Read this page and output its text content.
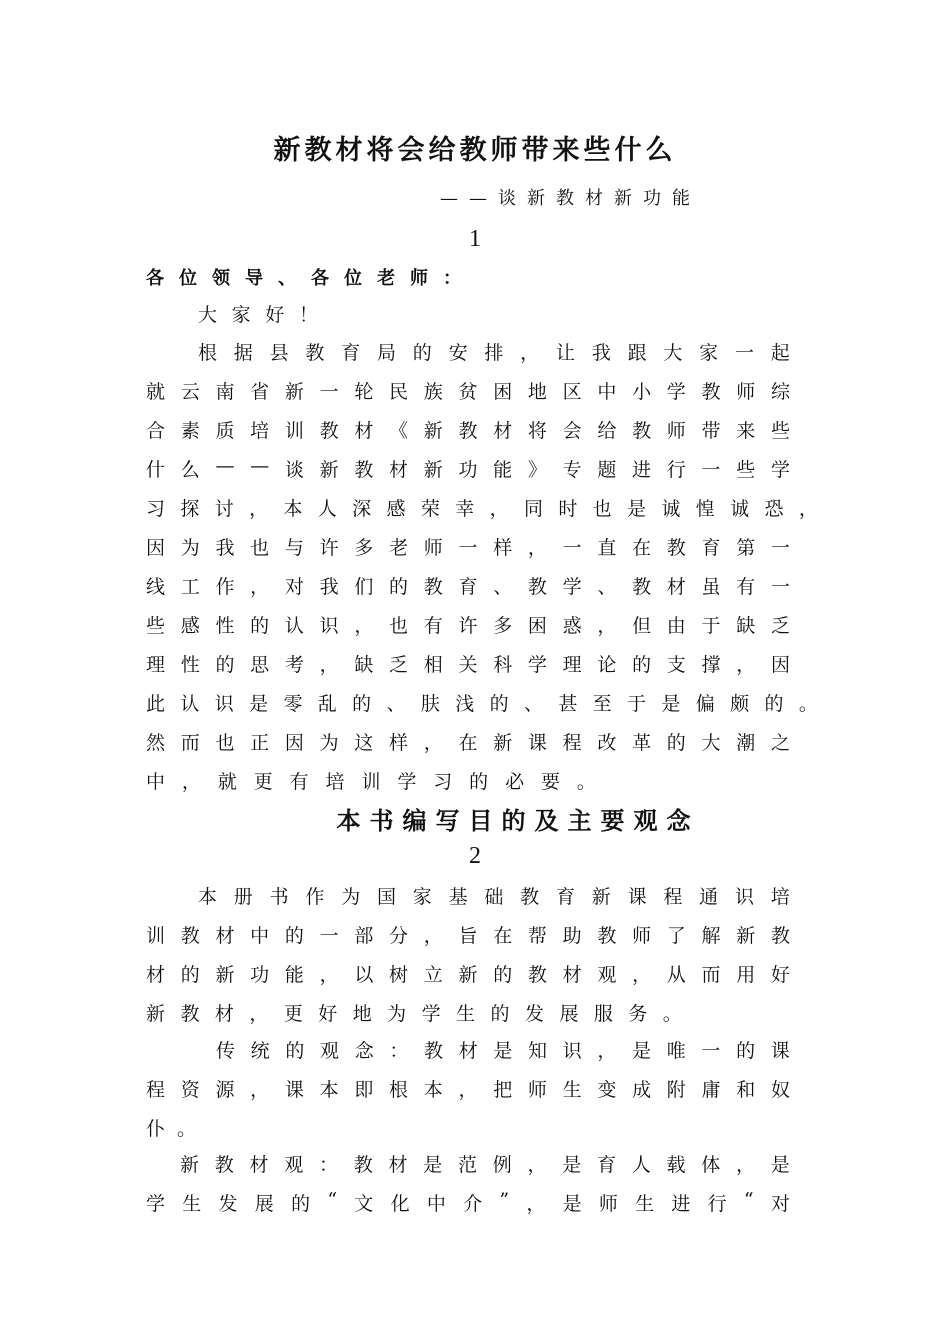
新教材将会给教师带来些什么
——谈新教材新功能
1
各位领导、各位老师：
大 家 好 ！
根 据 县 教 育 局 的 安 排 ， 让 我 跟 大 家 一 起
就 云 南 省 新 一 轮 民 族 贫 困 地 区 中 小 学 教 师 综
合 素 质 培 训 教 材 《 新 教 材 将 会 给 教 师 带 来 些
什 么 — — 谈 新 教 材 新 功 能 》 专 题 进 行 一 些 学
习 探 讨 ， 本 人 深 感 荣 幸 ， 同 时 也 是 诚 惶 诚 恐 ，
因 为 我 也 与 许 多 老 师 一 样 ， 一 直 在 教 育 第 一
线 工 作 ， 对 我 们 的 教 育 、 教 学 、 教 材 虽 有 一
些 感 性 的 认 识 ， 也 有 许 多 困 惑 ， 但 由 于 缺 乏
理 性 的 思 考 ， 缺 乏 相 关 科 学 理 论 的 支 撑 ， 因
此 认 识 是 零 乱 的 、 肤 浅 的 、 甚 至 于 是 偏 颇 的 。
然 而 也 正 因 为 这 样 ， 在 新 课 程 改 革 的 大 潮 之
中 ， 就 更 有 培 训 学 习 的 必 要 。
本书编写目的及主要观念
2
本 册 书 作 为 国 家 基 础 教 育 新 课 程 通 识 培
训 教 材 中 的 一 部 分 ， 旨 在 帮 助 教 师 了 解 新 教
材 的 新 功 能 ， 以 树 立 新 的 教 材 观 ， 从 而 用 好
新 教 材 ， 更 好 地 为 学 生 的 发 展 服 务 。
传 统 的 观 念 ： 教 材 是 知 识 ， 是 唯 一 的 课
程 资 源 ， 课 本 即 根 本 ， 把 师 生 变 成 附 庸 和 奴
仆 。
新 教 材 观 ： 教 材 是 范 例 ， 是 育 人 载 体 ， 是
学 生 发 展 的 “ 文 化 中 介 ” ， 是 师 生 进 行 “ 对
